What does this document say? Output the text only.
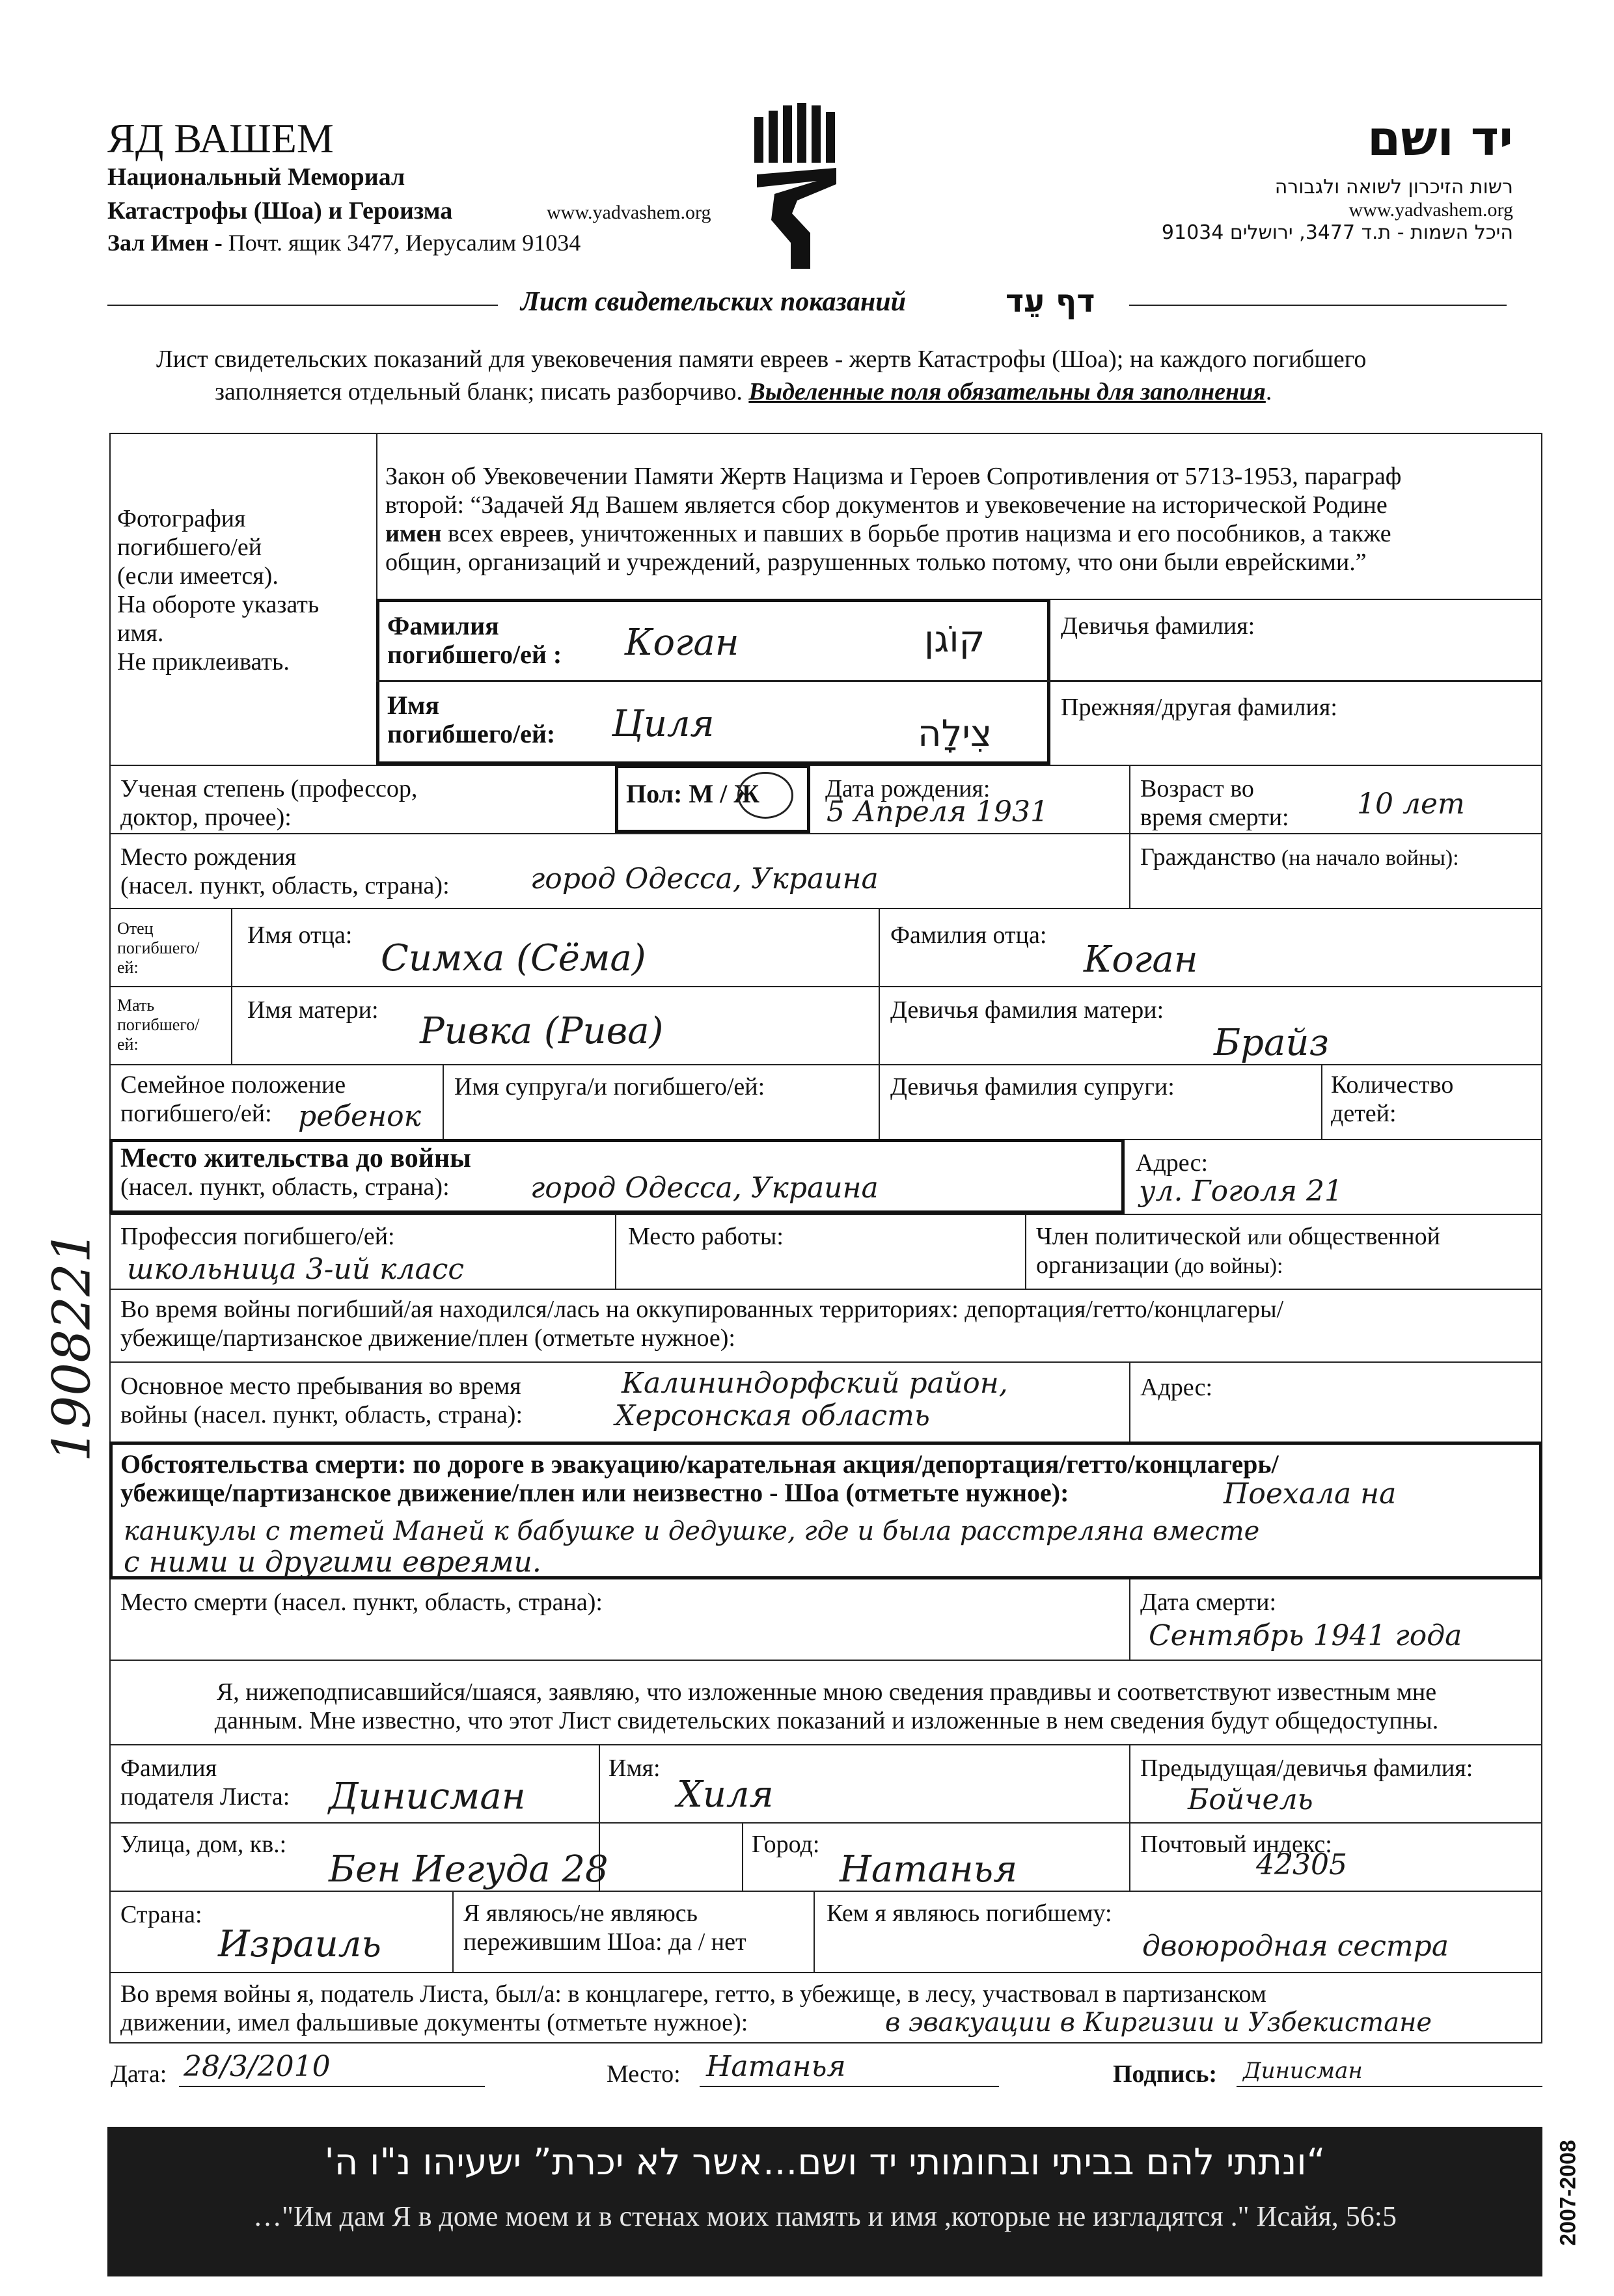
ЯД ВАШЕМ
Национальный Мемориал
Катастрофы (Шоа) и Героизма	www.yadvashem.org
Зал Имен - Почт. ящик 3477, Иерусалим 91034
יד ושם
רשות הזיכרון לשואה ולגבורה
www.yadvashem.org
היכל השמות - ת.ד 3477, ירושלים 91034
Лист свидетельских показаний	דף עֵד
Лист свидетельских показаний для увековечения памяти евреев - жертв Катастрофы (Шоа); на каждого погибшего
заполняется отдельный бланк; писать разборчиво. Выделенные поля обязательны для заполнения.
Фотография
погибшего/ей
(если имеется).
На обороте указать
имя.
Не приклеивать.
Закон об Увековечении Памяти Жертв Нацизма и Героев Сопротивления от 5713-1953, параграф
второй: “Задачей Яд Вашем является сбор документов и увековечение на исторической Родине
имен всех евреев, уничтоженных и павших в борьбе против нацизма и его пособников, а также
общин, организаций и учреждений, разрушенных только потому, что они были еврейскими.”
Фамилия
погибшего/ей : Коган	קוֹגן	Девичья фамилия:
Имя
погибшего/ей: Циля	צִילָה
Прежняя/другая фамилия:
Ученая степень (профессор,
доктор, прочее):
Пол: М / Ж	Дата рождения:
5 Апреля 1931
Возраст во
время смерти: 10 лет
Место рождения
(насел. пункт, область, страна):	город Одесса, Украина
Гражданство (на начало войны):
Отец
погибшего/
ей:
Имя отца:
Симха (Сёма)
Фамилия отца:
Коган
Мать
погибшего/
ей:
Имя матери: Ривка (Рива)	Девичья фамилия матери:
Брайз
Семейное положение
погибшего/ей: ребенок
Имя супруга/и погибшего/ей:	Девичья фамилия супруги:	Количество
детей:
Место жительства до войны
(насел. пункт, область, страна):	город Одесса, Украина
Адрес:
ул. Гоголя 21
Профессия погибшего/ей:
школьница 3-ий класс
Место работы:	Член политической или общественной
организации (до войны):
Во время войны погибший/ая находился/лась на оккупированных территориях: депортация/гетто/концлагеры/
убежище/партизанское движение/плен (отметьте нужное):
Основное место пребывания во время
войны (насел. пункт, область, страна):
Калининдорфский район,
Херсонская область
Адрес:
Обстоятельства смерти: по дороге в эвакуацию/карательная акция/депортация/гетто/концлагерь/
убежище/партизанское движение/плен или неизвестно - Шоа (отметьте нужное):	Поехала на
каникулы с тетей Маней к бабушке и дедушке, где и была расстреляна вместе
с ними и другими евреями.
Место смерти (насел. пункт, область, страна):	Дата смерти:
Сентябрь 1941 года
Я, нижеподписавшийся/шаяся, заявляю, что изложенные мною сведения правдивы и соответствуют известным мне
данным. Мне известно, что этот Лист свидетельских показаний и изложенные в нем сведения будут общедоступны.
Фамилия
подателя Листа: Динисман
Имя:
Хиля
Предыдущая/девичья фамилия:
Бойчель
Улица, дом, кв.:
Бен Иегуда 28
Город:
Натанья
Почтовый индекс:
42305
Страна:
Израиль
Я являюсь/не являюсь
пережившим Шоа: да / нет
Кем я являюсь погибшему:
двоюродная сестра
Во время войны я, податель Листа, был/а: в концлагере, гетто, в убежище, в лесу, участвовал в партизанском
движении, имел фальшивые документы (отметьте нужное):	в эвакуации в Киргизии и Узбекистане
Дата: 28/3/2010	Место: Натанья	Подпись: Динисман
1908221
“ונתתי להם בביתי ובחומותי יד ושם...אשר לא יכרת” ישעיהו נ"ו ה'
…"Им дам Я в доме моем и в стенах моих память и имя ,которые не изгладятся ." Исайя, 56:5	2007-2008
